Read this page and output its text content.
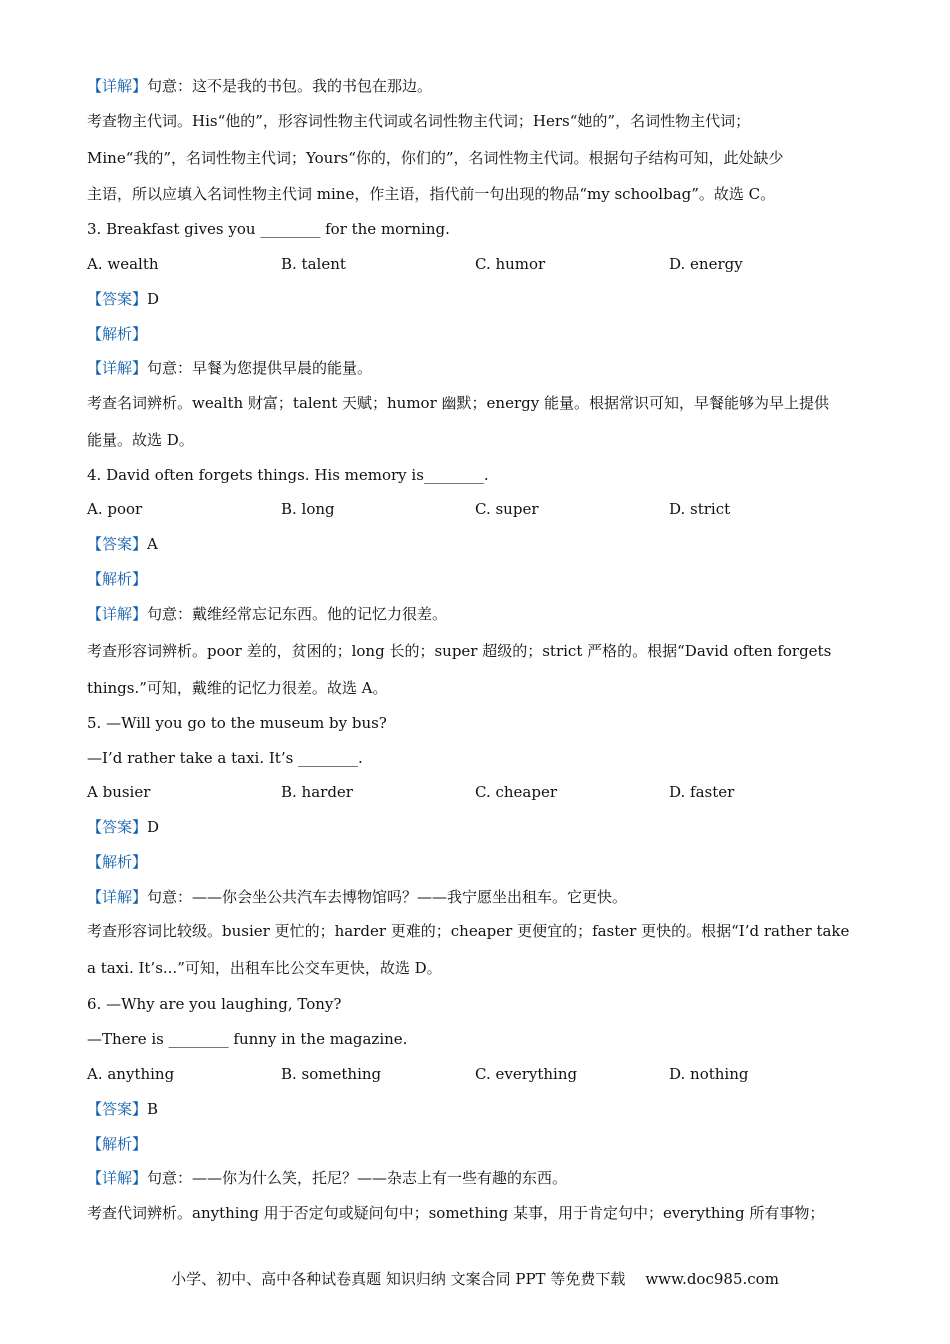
【详解】句意：这不是我的书包。我的书包在那边。
考查物主代词。His“他的”，形容词性物主代词或名词性物主代词；Hers“她的”，名词性物主代词；
Mine“我的”，名词性物主代词；Yours“你的，你们的”，名词性物主代词。根据句子结构可知，此处缺少
主语，所以应填入名词性物主代词 mine，作主语，指代前一句出现的物品“my schoolbag”。故选 C。
3. Breakfast gives you ________ for the morning.
A. wealth	B. talent	C. humor	D. energy
【答案】D
【解析】
【详解】句意：早餐为您提供早晨的能量。
考查名词辨析。wealth 财富；talent 天赋；humor 幽默；energy 能量。根据常识可知，早餐能够为早上提供
能量。故选 D。
4. David often forgets things. His memory is________.
A. poor	B. long	C. super	D. strict
【答案】A
【解析】
【详解】句意：戴维经常忘记东西。他的记忆力很差。
考查形容词辨析。poor 差的，贫困的；long 长的；super 超级的；strict 严格的。根据“David often forgets
things.”可知，戴维的记忆力很差。故选 A。
5. —Will you go to the museum by bus?
—I’d rather take a taxi. It’s ________.
A busier	B. harder	C. cheaper	D. faster
【答案】D
【解析】
【详解】句意：——你会坐公共汽车去博物馆吗？——我宁愿坐出租车。它更快。
考查形容词比较级。busier 更忙的；harder 更难的；cheaper 更便宜的；faster 更快的。根据“I’d rather take
a taxi. It’s...”可知，出租车比公交车更快，故选 D。
6. —Why are you laughing, Tony?
—There is ________ funny in the magazine.
A. anything	B. something	C. everything	D. nothing
【答案】B
【解析】
【详解】句意：——你为什么笑，托尼？——杂志上有一些有趣的东西。
考查代词辨析。anything 用于否定句或疑问句中；something 某事，用于肯定句中；everything 所有事物；
小学、初中、高中各种试卷真题 知识归纳 文案合同 PPT 等免费下载 www.doc985.com
